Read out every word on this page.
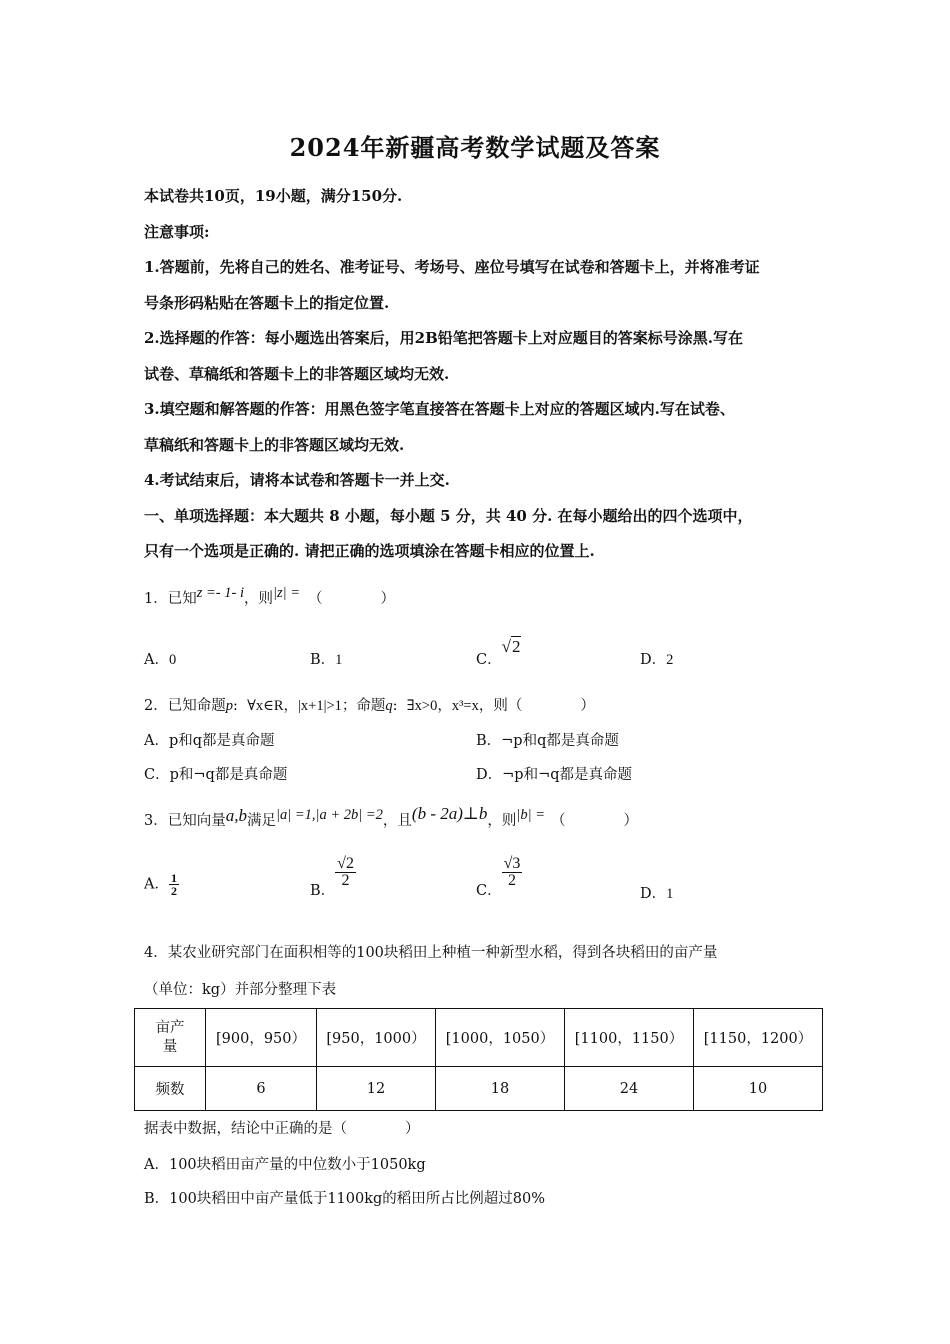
2024年新疆高考数学试题及答案
本试卷共10页，19小题，满分150分.
注意事项:
1.答题前，先将自己的姓名、准考证号、考场号、座位号填写在试卷和答题卡上，并将准考证
号条形码粘贴在答题卡上的指定位置.
2.选择题的作答：每小题选出答案后，用2B铅笔把答题卡上对应题目的答案标号涂黑.写在
试卷、草稿纸和答题卡上的非答题区域均无效.
3.填空题和解答题的作答：用黑色签字笔直接答在答题卡上对应的答题区域内.写在试卷、
草稿纸和答题卡上的非答题区域均无效.
4.考试结束后，请将本试卷和答题卡一并上交.
一、单项选择题：本大题共 8 小题，每小题 5 分，共 40 分. 在每小题给出的四个选项中，
只有一个选项是正确的. 请把正确的选项填涂在答题卡相应的位置上.
1．已知z =- 1- i，则|z| = （　　　　）
A．0	B．1	C．√2
D．2
2．已知命题p:  ∀x∈R，|x+1|>1；命题q:  ∃x>0，x³=x，则（　　　　）
A．p和q都是真命题	B．¬p和q都是真命题
C．p和¬q都是真命题	D．¬p和¬q都是真命题
3．已知向量a,b满足|a| =1,|a + 2b| =2，且(b - 2a)⊥b，则|b| = （　　　　）
A． $\frac{1}{2}$	B．
$\frac{√2}{2}$
C．
$\frac{√3}{2}$
D．1
4．某农业研究部门在面积相等的100块稻田上种植一种新型水稻，得到各块稻田的亩产量
（单位：kg）并部分整理下表
亩产量	[900，950）	[950，1000）	[1000，1050）	[1100，1150）	[1150，1200）
频数	6	12	18	24	10
据表中数据，结论中正确的是（　　　　）
A．100块稻田亩产量的中位数小于1050kg
B．100块稻田中亩产量低于1100kg的稻田所占比例超过80%
